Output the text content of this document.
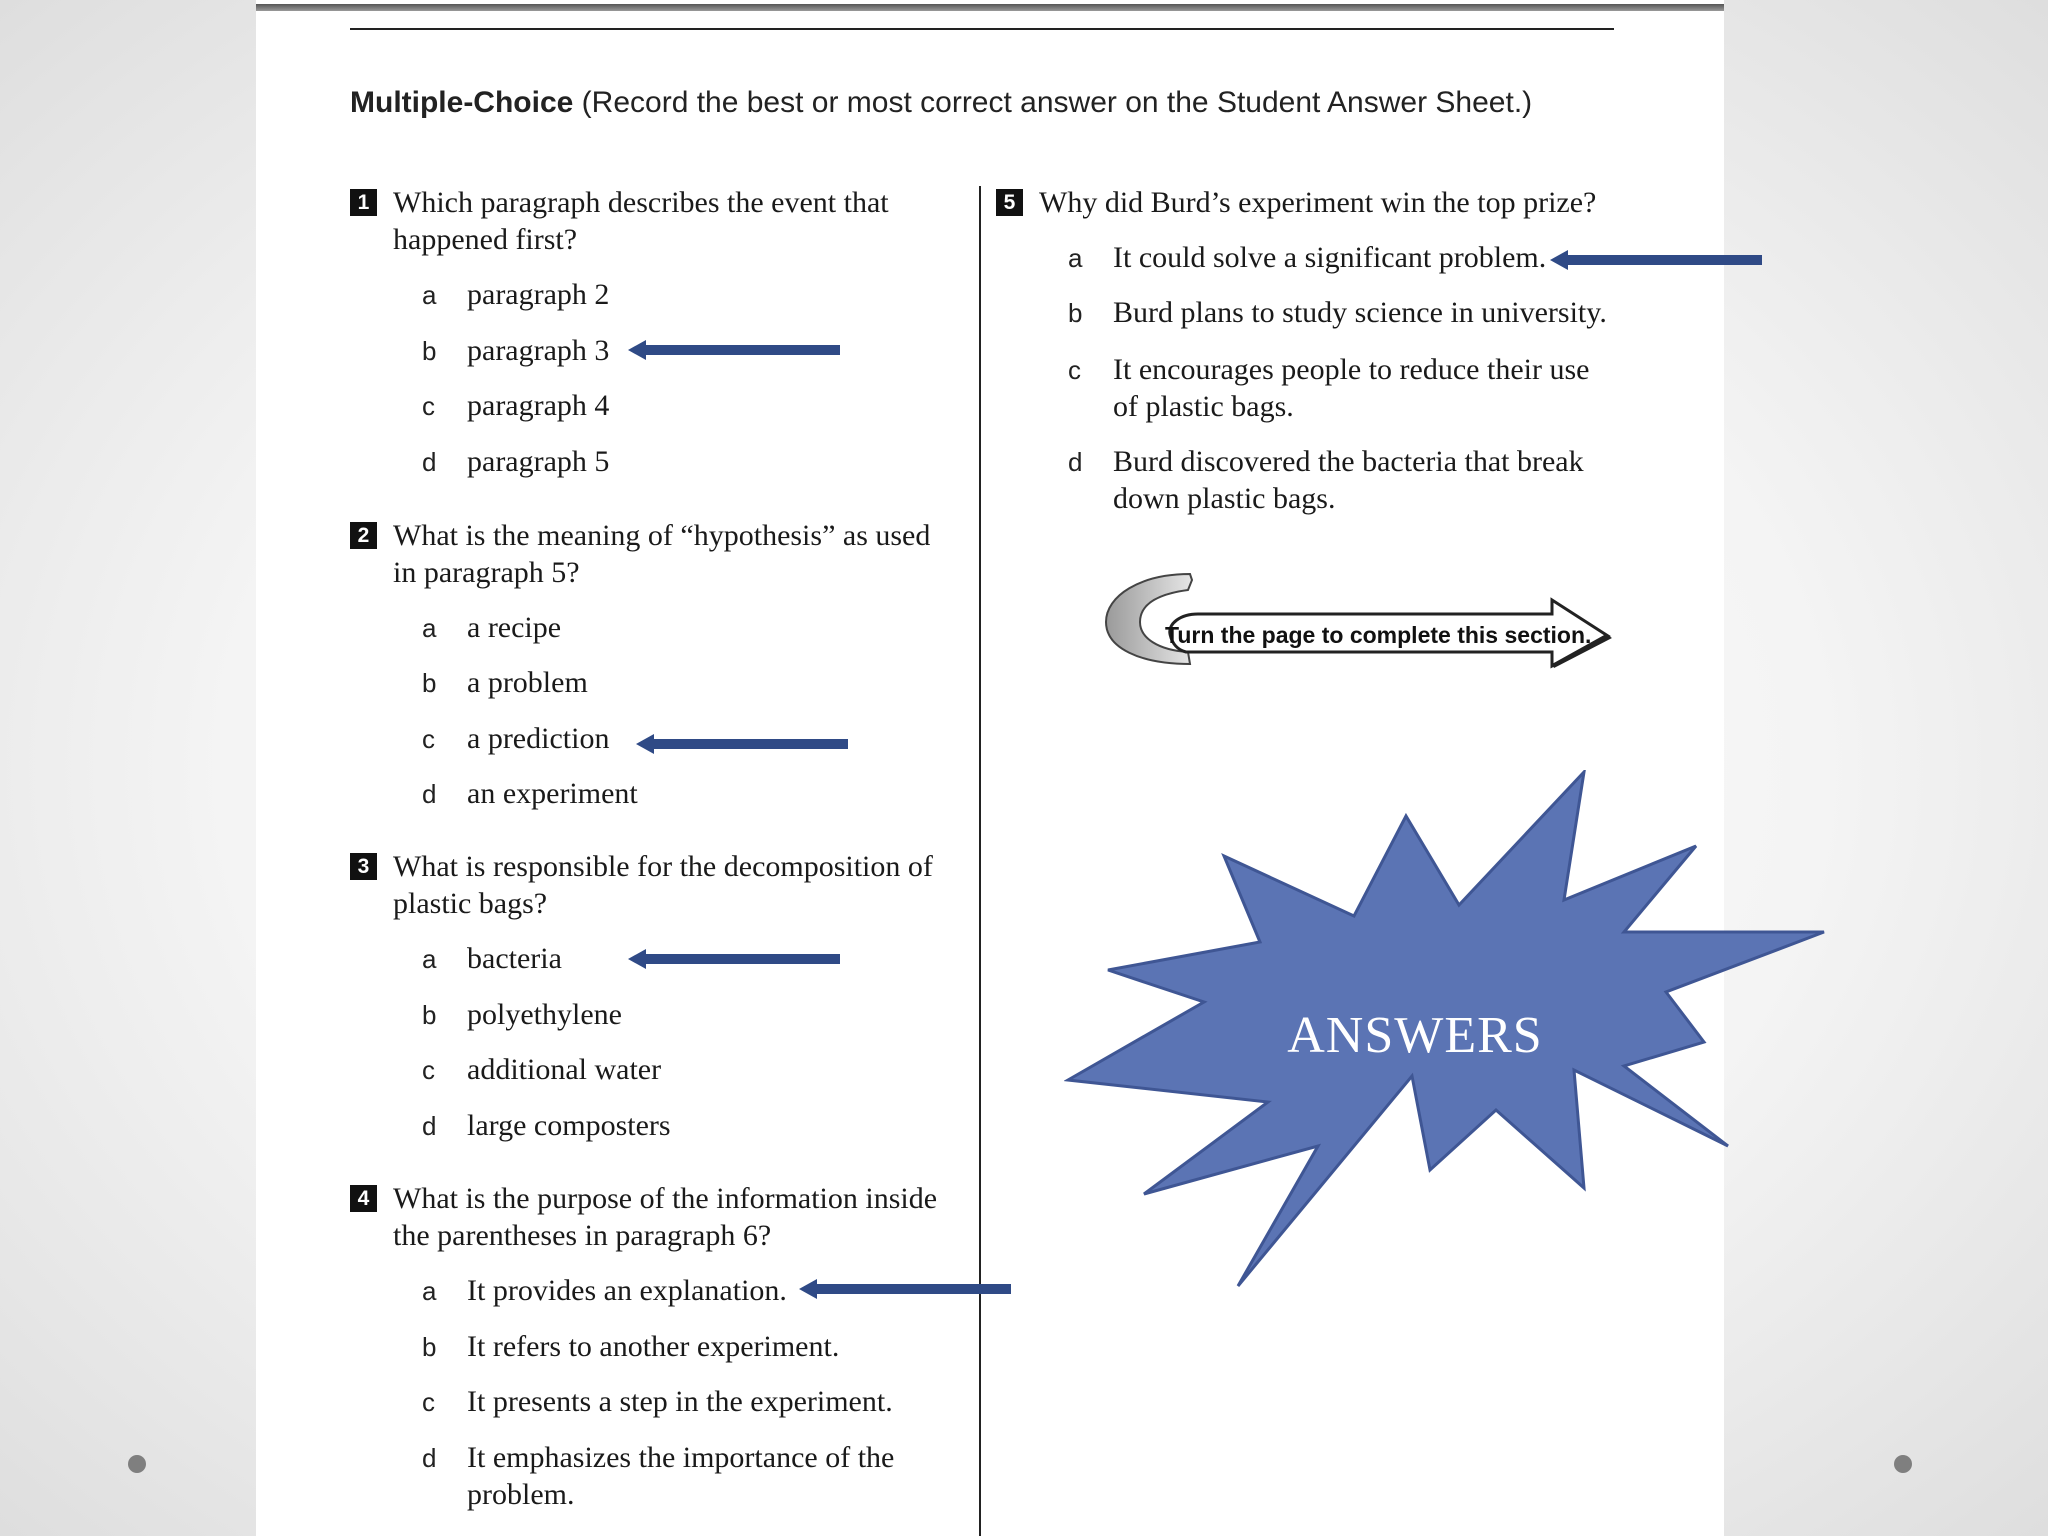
Multiple-Choice (Record the best or most correct answer on the Student Answer Sheet.)
1 Which paragraph describes the event that
happened first?
a paragraph 2
b paragraph 3
c paragraph 4
d paragraph 5
2 What is the meaning of “hypothesis” as used
in paragraph 5?
a a recipe
b a problem
c a prediction
d an experiment
3 What is responsible for the decomposition of
plastic bags?
a bacteria
b polyethylene
c additional water
d large composters
4 What is the purpose of the information inside
the parentheses in paragraph 6?
a It provides an explanation.
b It refers to another experiment.
c It presents a step in the experiment.
d It emphasizes the importance of the
problem.
5 Why did Burd’s experiment win the top prize?
a It could solve a significant problem.
b Burd plans to study science in university.
c It encourages people to reduce their use
of plastic bags.
d Burd discovered the bacteria that break
down plastic bags.
Turn the page to complete this section.
ANSWERS
